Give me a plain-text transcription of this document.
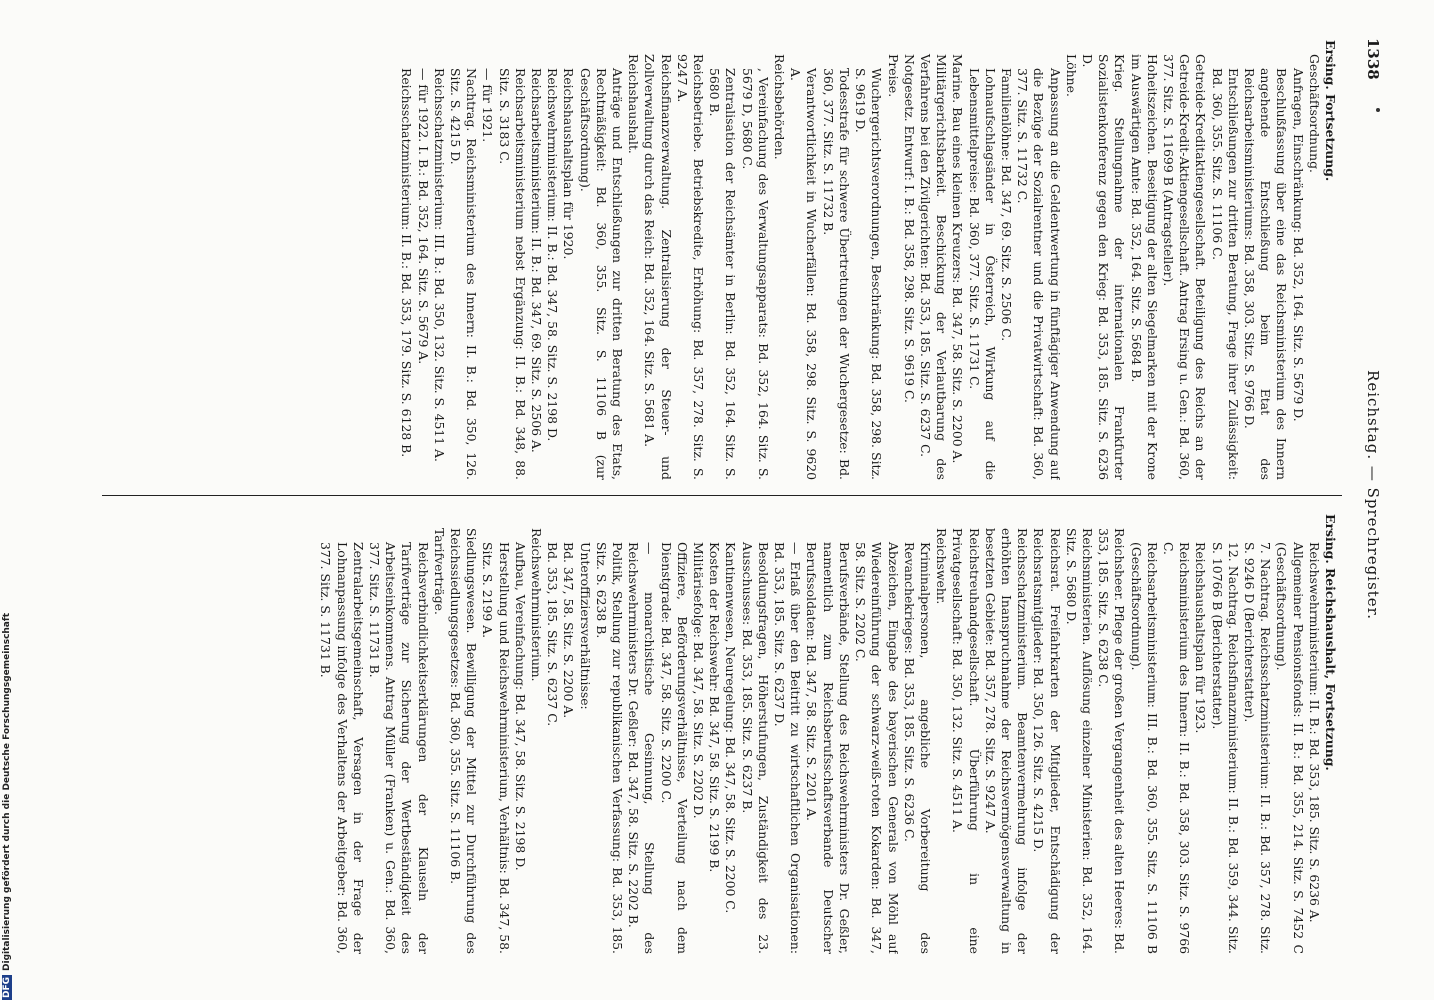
1338
Reichstag. — Sprechregister.

Ersing. Fortsetzung.

Geschäftsordnung.

Anfragen, Einschränkung: Bd. 352, 164. Sitz. S. 5679 D.

Beschlußfassung über eine das Reichsministerium des Innern angehende Entschließung beim Etat des Reichsarbeitsministeriums: Bd. 358, 303. Sitz. S. 9766 D.

Entschließungen zur dritten Beratung, Frage ihrer Zulässigkeit: Bd. 360, 355. Sitz. S. 11106 C.

Getreide-Kreditaktiengesellschaft. Beteiligung des Reichs an der Getreide-Kredit-Aktiengesellschaft. Antrag Ersing u. Gen.: Bd. 360, 377. Sitz. S. 11699 B (Antragsteller).

Hoheitszeichen. Beseitigung der alten Siegelmarken mit der Krone im Auswärtigen Amte: Bd. 352, 164. Sitz. S. 5684 B.

Krieg. Stellungnahme der internationalen Frankfurter Sozialistenkonferenz gegen den Krieg: Bd. 353, 185. Sitz. S. 6236 D.

Löhne.

Anpassung an die Geldentwertung in fünftägiger Anwendung auf die Bezüge der Sozialrentner und die Privatwirtschaft: Bd. 360, 377. Sitz. S. 11732 C.

Familienlöhne: Bd. 347, 69. Sitz. S. 2506 C.

Lohnaufschlagsänder in Österreich, Wirkung auf die Lebensmittelpreise: Bd. 360, 377. Sitz. S. 11731 C.

Marine. Bau eines kleinen Kreuzers: Bd. 347, 58. Sitz. S. 2200 A.

Militärgerichtsbarkeit. Beschickung der Verlautbarung des Verfahrens bei den Zivilgerichten: Bd. 353, 185. Sitz. S. 6237 C.

Notgesetz. Entwurf: I. B.: Bd. 358, 298. Sitz. S. 9619 C.

Preise.

Wuchergerichtsverordnungen, Beschränkung: Bd. 358, 298. Sitz. S. 9619 D.

Todesstrafe für schwere Übertretungen der Wuchergesetze: Bd. 360, 377. Sitz. S. 11732 B.

Verantwortlichkeit in Wucherfällen: Bd. 358, 298. Sitz. S. 9620 A.

Reichsbehörden.

, Vereinfachung des Verwaltungsapparats: Bd. 352, 164. Sitz. S. 5679 D, 5680 C.

Zentralisation der Reichsämter in Berlin: Bd. 352, 164. Sitz. S. 5680 B.

Reichsbetriebe. Betriebskredite, Erhöhung: Bd. 357, 278. Sitz. S. 9247 A.

Reichsfinanzverwaltung. Zentralisierung der Steuer- und Zollverwaltung durch das Reich: Bd. 352, 164. Sitz. S. 5681 A.

Reichshaushalt.

Anträge und Entschließungen zur dritten Beratung des Etats, Rechtmäßigkeit: Bd. 360, 355. Sitz. S. 11106 B (zur Geschäftsordnung).

Reichshaushaltsplan für 1920.

Reichswehrministerium: II. B.: Bd. 347, 58. Sitz. S. 2198 D.

Reichsarbeitsministerium: II. B.: Bd. 347, 69. Sitz. S. 2506 A.

Reichsarbeitsministerium nebst Ergänzung: II. B.: Bd. 348, 88. Sitz. S. 3183 C.

— für 1921.

Nachtrag. Reichsministerium des Innern: II. B.: Bd. 350, 126. Sitz. S. 4215 D.

Reichsschatzministerium: III. B.: Bd. 350, 132. Sitz. S. 4511 A.

— für 1922. I. B.: Bd. 352, 164. Sitz. S. 5679 A.

Reichsschatzministerium: II. B.: Bd. 353, 179. Sitz. S. 6128 B.

Ersing. Reichshaushalt, Fortsetzung.

Reichswehrministerium: II. B.: Bd. 353, 185. Sitz. S. 6236 A.

Allgemeiner Pensionsfonds: II. B.: Bd. 355, 214. Sitz. S. 7452 C (Geschäftsordnung).

7. Nachtrag. Reichsschatzministerium: II. B.: Bd. 357, 278. Sitz. S. 9246 D (Berichterstatter).

12. Nachtrag. Reichsfinanzministerium: II. B.: Bd. 359, 344. Sitz. S. 10766 B (Berichterstatter).

Reichshaushaltsplan für 1923.

Reichsministerium des Innern: II. B.: Bd. 358, 303. Sitz. S. 9766 C.

Reichsarbeitsministerium: III. B.: Bd. 360, 355. Sitz. S. 11106 B (Geschäftsordnung).

Reichsheer. Pflege der großen Vergangenheit des alten Heeres: Bd. 353, 185. Sitz. S. 6238 C.

Reichsministerien. Auflösung einzelner Ministerien: Bd. 352, 164. Sitz. S. 5680 D.

Reichsrat. Freifahrkarten der Mitglieder, Entschädigung der Reichsratsmitglieder: Bd. 350, 126. Sitz. S. 4215 D.

Reichsschatzministerium. Beamtenvermehrung infolge der erhöhten Inanspruchnahme der Reichsvermögensverwaltung in besetzten Gebiete: Bd. 357, 278. Sitz. S. 9247 A.

Reichstreuhandgesellschaft. Überführung in eine Privatgesellschaft: Bd. 350, 132. Sitz. S. 4511 A.

Reichswehr.

Kriminalpersonen, angebliche Vorbereitung des Revanchekrieges: Bd. 353, 185. Sitz. S. 6236 C.

Abzeichen, Eingabe des bayerischen Generals von Möhl auf Wiedereinführung der schwarz-weiß-roten Kokarden: Bd. 347, 58. Sitz. S. 2202 C.

Berufsverbände, Stellung des Reichswehrministers Dr. Geßler, namentlich zum Reichsberufsschaftsverbande Deutscher Berufssoldaten: Bd. 347, 58. Sitz. S. 2201 A.

— Erlaß über den Beitritt zu wirtschaftlichen Organisationen: Bd. 353, 185. Sitz. S. 6237 D.

Besoldungsfragen, Höherstufungen, Zuständigkeit des 23. Ausschusses: Bd. 353, 185. Sitz. S. 6237 B.

Kantinenwesen, Neuregelung: Bd. 347, 58. Sitz. S. 2200 C.

Kosten der Reichswehr: Bd. 347, 58. Sitz. S. 2199 B.

Militärisefolge: Bd. 347, 58. Sitz. S. 2202 D.

Offiziere, Beförderungsverhältnisse, Verteilung nach dem Dienstgrade: Bd. 347, 58. Sitz. S. 2200 C.

— monarchistische Gesinnung, Stellung des Reichswehrministers Dr. Geßler: Bd. 347, 58. Sitz. S. 2202 B.

Politik, Stellung zur republikanischen Verfassung: Bd. 353, 185. Sitz. S. 6238 B.

Unteroffiziersverhältnisse:

Bd. 347, 58. Sitz. S. 2200 A.

Bd. 353, 185. Sitz. S. 6237 C.

Reichswehrministerium.

Aufbau, Vereinfachung: Bd. 347, 58. Sitz. S. 2198 D.

Herstellung und Reichswehrministerium, Verhältnis: Bd. 347, 58. Sitz. S. 2199 A.

Siedlungswesen. Bewilligung der Mittel zur Durchführung des Reichssiedlungsgesetzes: Bd. 360, 355. Sitz. S. 11106 B.

Tarifverträge.

Reichsverbindlichkeitserklärungen der Klauseln der Tarifverträge zur Sicherung der Wertbeständigkeit des Arbeitseinkommens. Antrag Müller (Franken) u. Gen.: Bd. 360, 377. Sitz. S. 11731 B.

Zentralarbeitsgemeinschaft, Versagen in der Frage der Lohnanpassung infolge des Verhaltens der Arbeitgeber: Bd. 360, 377. Sitz. S. 11731 B.

DFGDigitalisierung gefördert durch die Deutsche Forschungsgemeinschaft
